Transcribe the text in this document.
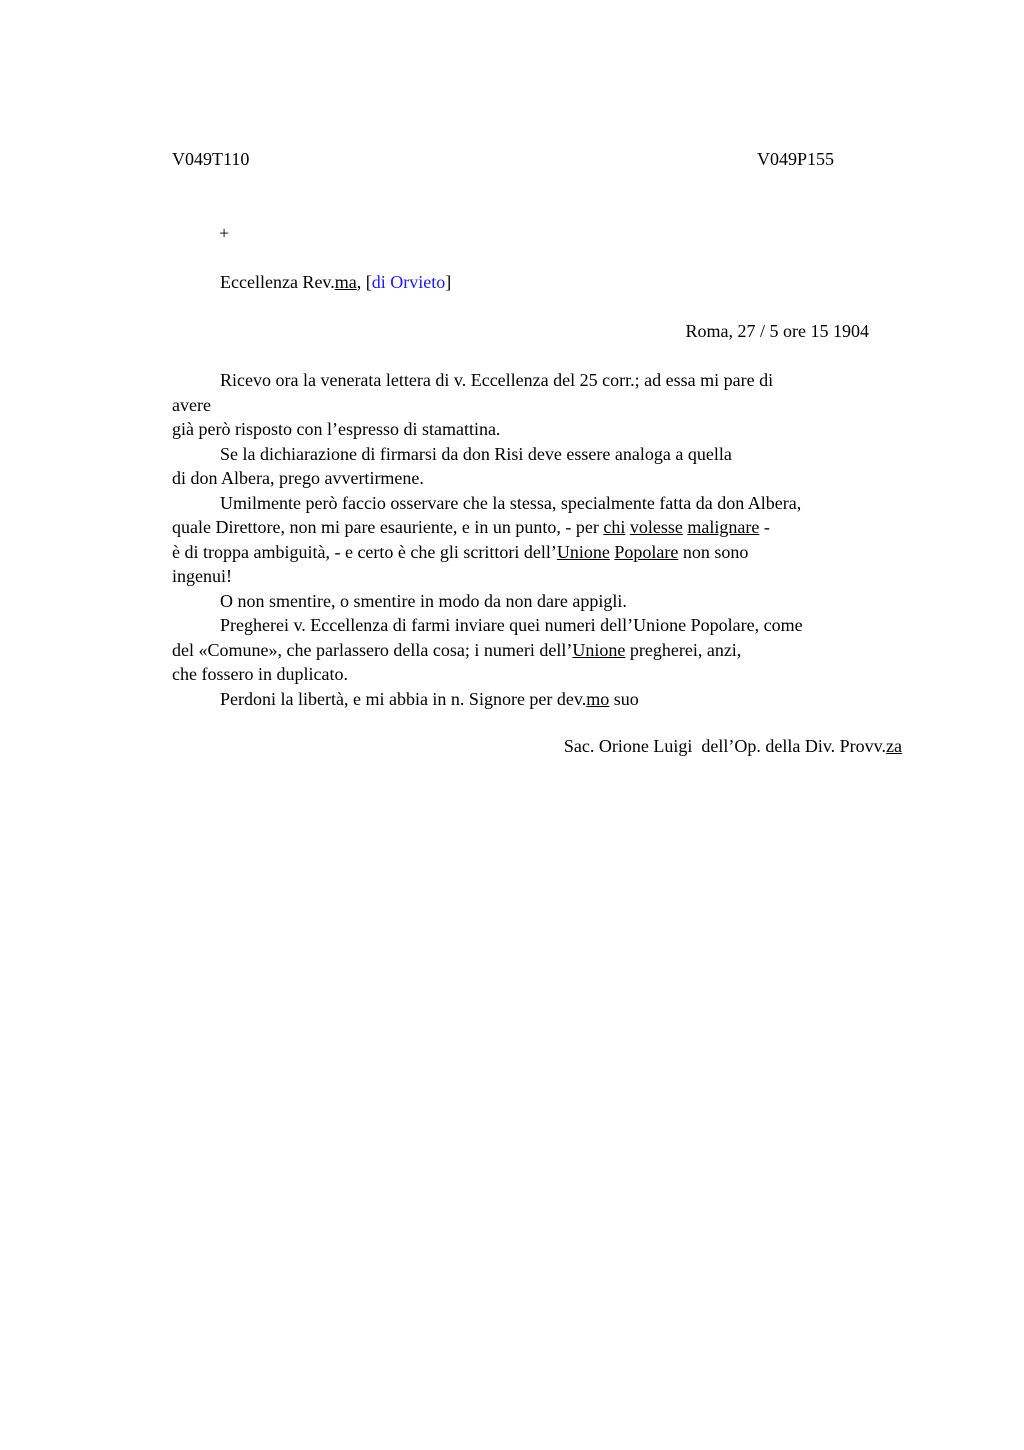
V049T110	V049P155
+
Eccellenza Rev.ma, [di Orvieto]
Roma, 27 / 5 ore 15 1904
Ricevo ora la venerata lettera di v. Eccellenza del 25 corr.; ad essa mi pare di
avere
già però risposto con l’espresso di stamattina.
Se la dichiarazione di firmarsi da don Risi deve essere analoga a quella
di don Albera, prego avvertirmene.
Umilmente però faccio osservare che la stessa, specialmente fatta da don Albera,
quale Direttore, non mi pare esauriente, e in un punto, - per chi volesse malignare -
è di troppa ambiguità, - e certo è che gli scrittori dell’Unione Popolare non sono
ingenui!
O non smentire, o smentire in modo da non dare appigli.
Pregherei v. Eccellenza di farmi inviare quei numeri dell’Unione Popolare, come
del «Comune», che parlassero della cosa; i numeri dell’Unione pregherei, anzi,
che fossero in duplicato.
Perdoni la libertà, e mi abbia in n. Signore per dev.mo suo
Sac. Orione Luigi  dell’Op. della Div. Provv.za
